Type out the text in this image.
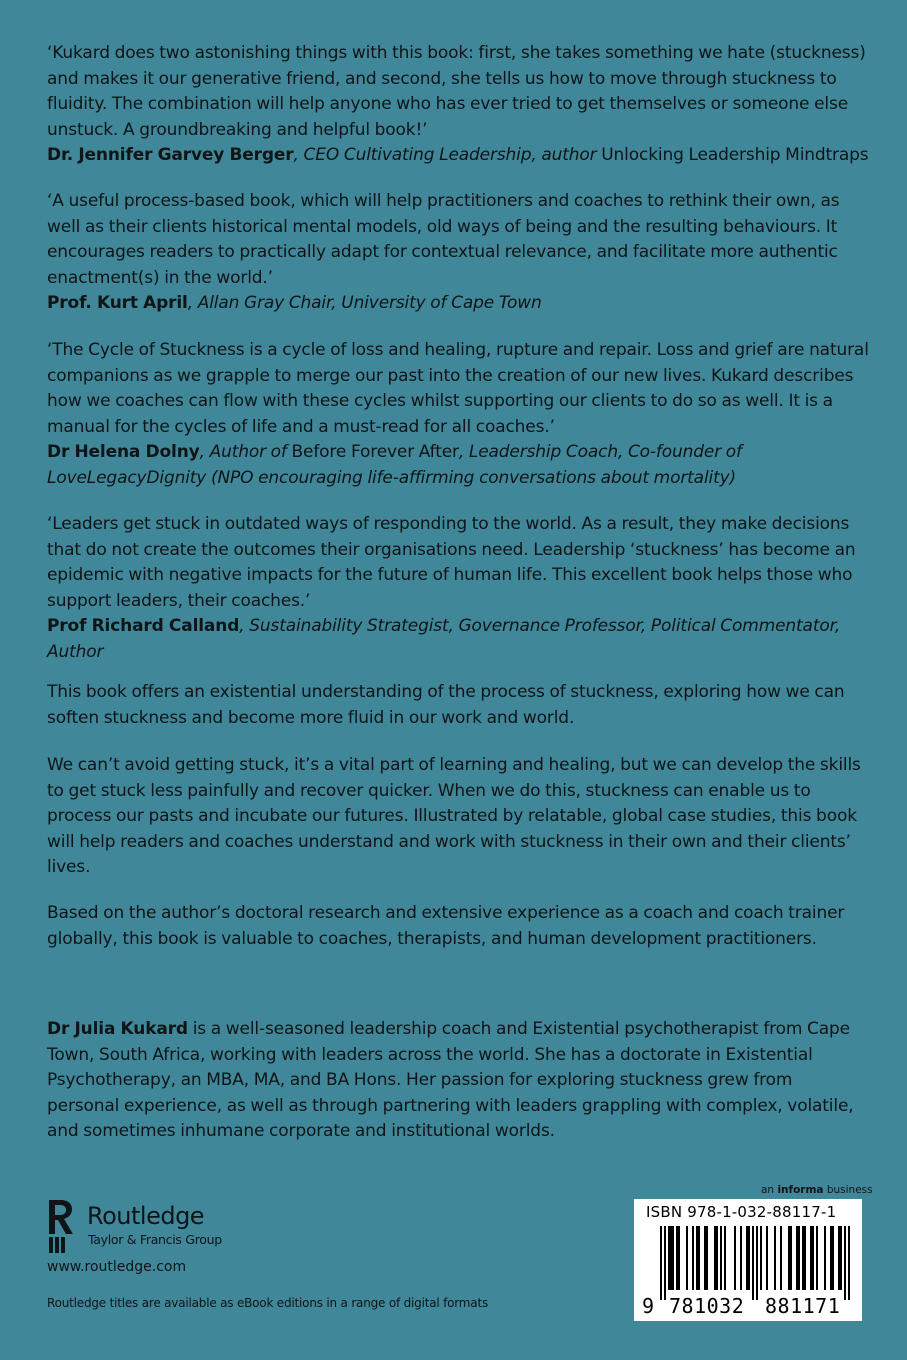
‘Kukard does two astonishing things with this book: first, she takes something we hate (stuckness) and makes it our generative friend, and second, she tells us how to move through stuckness to fluidity. The combination will help anyone who has ever tried to get themselves or someone else unstuck. A groundbreaking and helpful book!’

Dr. Jennifer Garvey Berger, CEO Cultivating Leadership, author Unlocking Leadership Mindtraps

‘A useful process-based book, which will help practitioners and coaches to rethink their own, as well as their clients historical mental models, old ways of being and the resulting behaviours. It encourages readers to practically adapt for contextual relevance, and facilitate more authentic enactment(s) in the world.’

Prof. Kurt April, Allan Gray Chair, University of Cape Town

‘The Cycle of Stuckness is a cycle of loss and healing, rupture and repair. Loss and grief are natural companions as we grapple to merge our past into the creation of our new lives. Kukard describes how we coaches can flow with these cycles whilst supporting our clients to do so as well. It is a manual for the cycles of life and a must-read for all coaches.’

Dr Helena Dolny, Author of Before Forever After, Leadership Coach, Co-founder of LoveLegacyDignity (NPO encouraging life-affirming conversations about mortality)

‘Leaders get stuck in outdated ways of responding to the world. As a result, they make decisions that do not create the outcomes their organisations need. Leadership ‘stuckness’ has become an epidemic with negative impacts for the future of human life. This excellent book helps those who support leaders, their coaches.’

Prof Richard Calland, Sustainability Strategist, Governance Professor, Political Commentator, Author

This book offers an existential understanding of the process of stuckness, exploring how we can soften stuckness and become more fluid in our work and world.

We can’t avoid getting stuck, it’s a vital part of learning and healing, but we can develop the skills to get stuck less painfully and recover quicker. When we do this, stuckness can enable us to process our pasts and incubate our futures. Illustrated by relatable, global case studies, this book will help readers and coaches understand and work with stuckness in their own and their clients’ lives.

Based on the author’s doctoral research and extensive experience as a coach and coach trainer globally, this book is valuable to coaches, therapists, and human development practitioners.

Dr Julia Kukard is a well-seasoned leadership coach and Existential psychotherapist from Cape Town, South Africa, working with leaders across the world. She has a doctorate in Existential Psychotherapy, an MBA, MA, and BA Hons. Her passion for exploring stuckness grew from personal experience, as well as through partnering with leaders grappling with complex, volatile, and sometimes inhumane corporate and institutional worlds.

Routledge
Taylor & Francis Group
www.routledge.com
Routledge titles are available as eBook editions in a range of digital formats
an informa business
ISBN 978-1-032-88117-1
9 781032 881171
